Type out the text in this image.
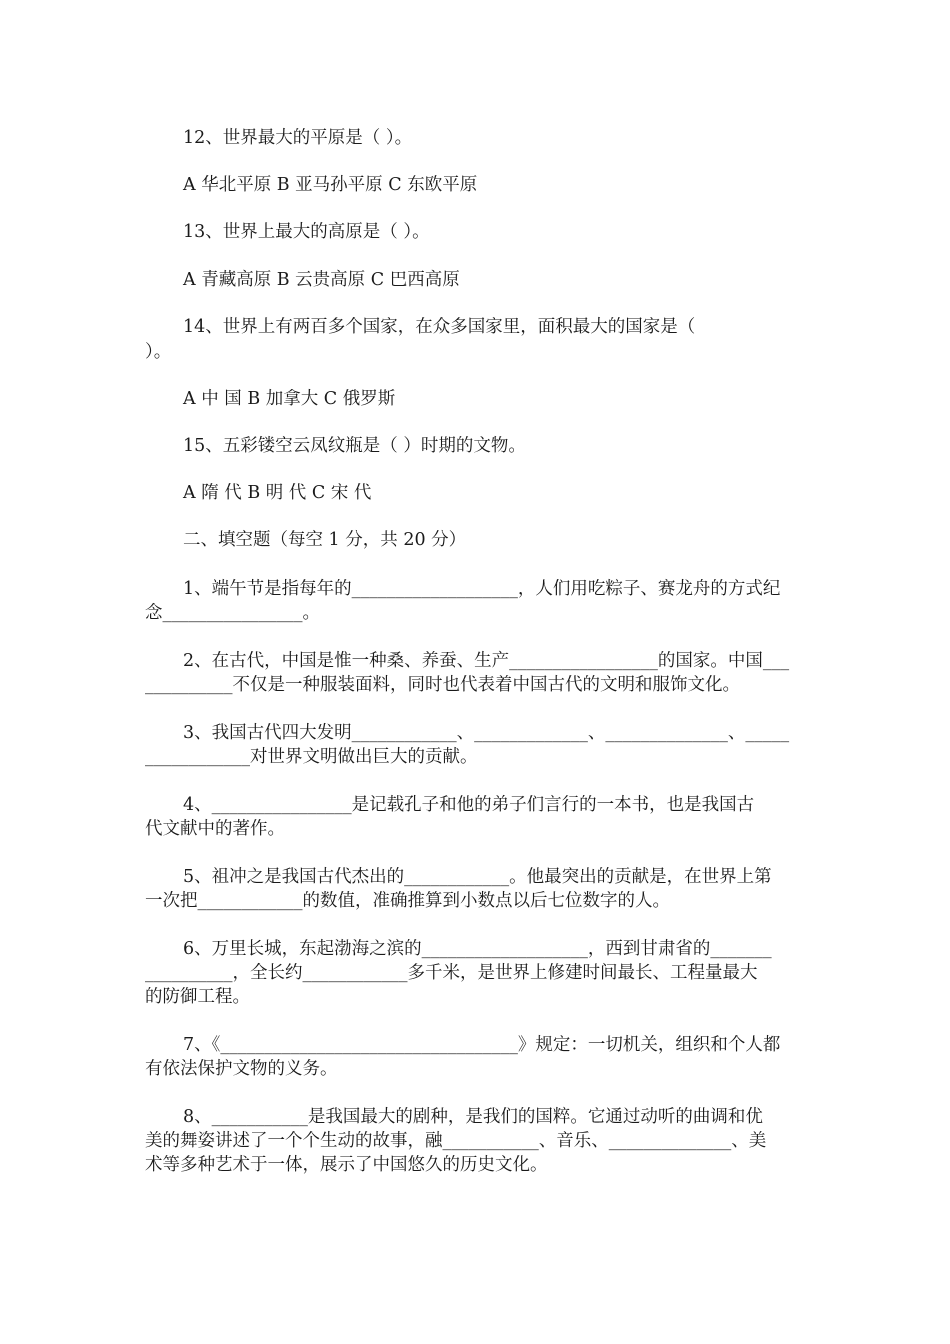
12、世界最大的平原是（ ）。
A 华北平原 B 亚马孙平原 C 东欧平原
13、世界上最大的高原是（ ）。
A 青藏高原 B 云贵高原 C 巴西高原
14、世界上有两百多个国家，在众多国家里，面积最大的国家是（
）。
A 中 国 B 加拿大 C 俄罗斯
15、五彩镂空云凤纹瓶是（ ）时期的文物。
A 隋 代 B 明 代 C 宋 代
二、填空题（每空 1 分，共 20 分）
1、端午节是指每年的___________________，人们用吃粽子、赛龙舟的方式纪
念________________。
2、在古代，中国是惟一种桑、养蚕、生产_________________的国家。中国___
__________不仅是一种服装面料，同时也代表着中国古代的文明和服饰文化。
3、我国古代四大发明____________、_____________、______________、_____
____________对世界文明做出巨大的贡献。
4、________________是记载孔子和他的弟子们言行的一本书，也是我国古
代文献中的著作。
5、祖冲之是我国古代杰出的____________。他最突出的贡献是，在世界上第
一次把____________的数值，准确推算到小数点以后七位数字的人。
6、万里长城，东起渤海之滨的___________________，西到甘肃省的_______
__________，全长约____________多千米，是世界上修建时间最长、工程量最大
的防御工程。
7、《__________________________________》规定：一切机关，组织和个人都
有依法保护文物的义务。
8、___________是我国最大的剧种，是我们的国粹。它通过动听的曲调和优
美的舞姿讲述了一个个生动的故事，融___________、音乐、______________、美
术等多种艺术于一体，展示了中国悠久的历史文化。
